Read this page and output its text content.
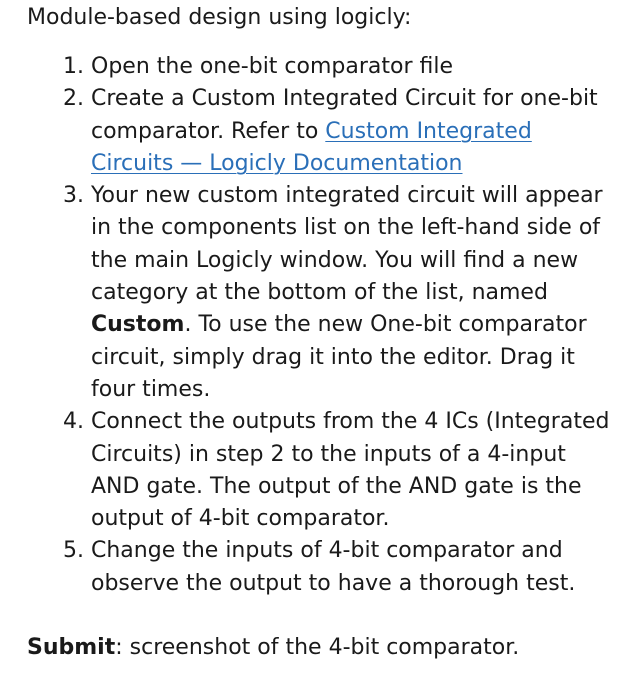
Module-based design using logicly:

1. Open the one-bit comparator file
2. Create a Custom Integrated Circuit for one-bit comparator. Refer to Custom Integrated Circuits — Logicly Documentation
3. Your new custom integrated circuit will appear in the components list on the left-hand side of the main Logicly window. You will find a new category at the bottom of the list, named Custom. To use the new One-bit comparator circuit, simply drag it into the editor. Drag it four times.
4. Connect the outputs from the 4 ICs (Integrated Circuits) in step 2 to the inputs of a 4-input AND gate. The output of the AND gate is the output of 4-bit comparator.
5. Change the inputs of 4-bit comparator and observe the output to have a thorough test.

Submit: screenshot of the 4-bit comparator.
